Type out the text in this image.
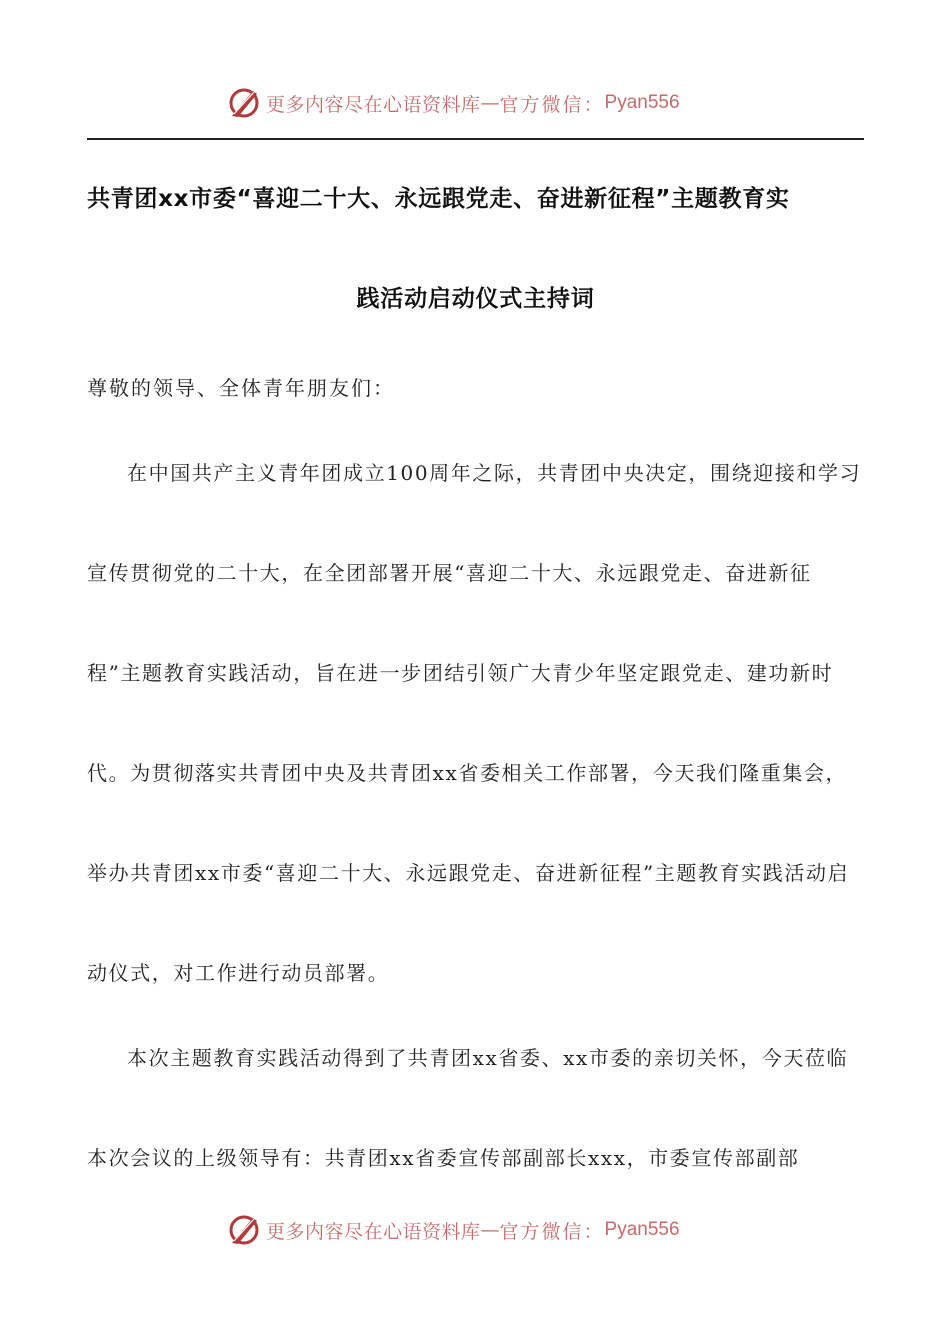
更多内容尽在心语资料库 — 官方微信： Pyan556
共青团xx市委“喜迎二十大、永远跟党走、奋进新征程”主题教育实
践活动启动仪式主持词

尊敬的领导、全体青年朋友们：

在中国共产主义青年团成立100周年之际，共青团中央决定，围绕迎接和学习宣传贯彻党的二十大，在全团部署开展“喜迎二十大、永远跟党走、奋进新征程”主题教育实践活动，旨在进一步团结引领广大青少年坚定跟党走、建功新时代。为贯彻落实共青团中央及共青团xx省委相关工作部署，今天我们隆重集会，举办共青团xx市委“喜迎二十大、永远跟党走、奋进新征程”主题教育实践活动启动仪式，对工作进行动员部署。

本次主题教育实践活动得到了共青团xx省委、xx市委的亲切关怀，今天莅临本次会议的上级领导有：共青团xx省委宣传部副部长xxx，市委宣传部副部

更多内容尽在心语资料库 — 官方微信： Pyan556
